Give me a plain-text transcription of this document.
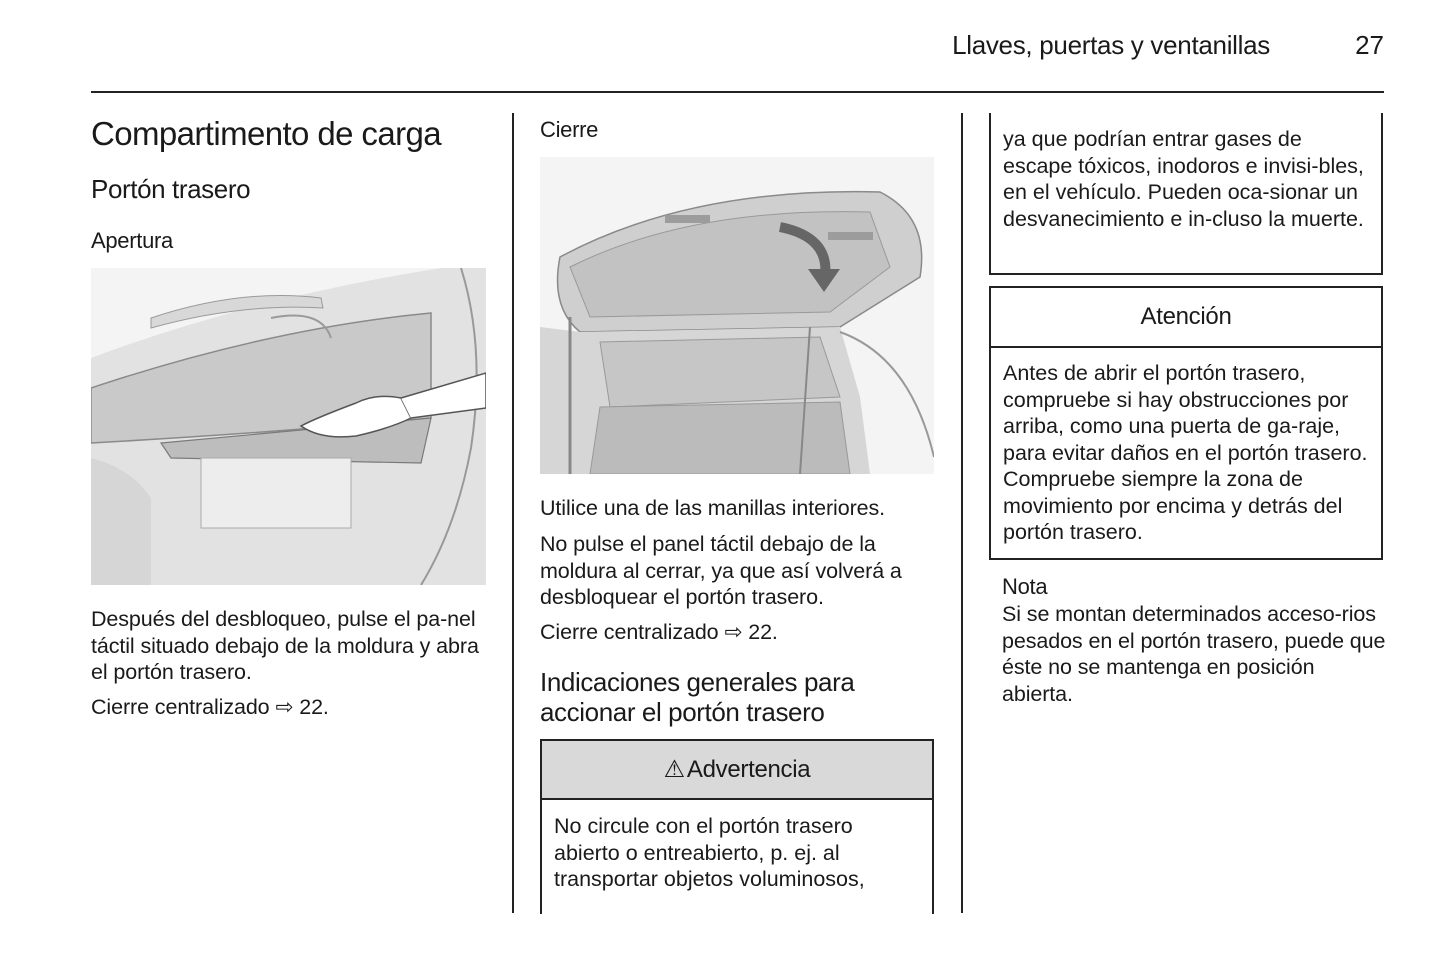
Llaves, puertas y ventanillas	27
Compartimento de carga
Portón trasero
Apertura
Después del desbloqueo, pulse el pa-nel táctil situado debajo de la moldura y abra el portón trasero.
Cierre centralizado ⇨ 22.
Cierre
Utilice una de las manillas interiores.
No pulse el panel táctil debajo de la moldura al cerrar, ya que así volverá a desbloquear el portón trasero.
Cierre centralizado ⇨ 22.
Indicaciones generales para accionar el portón trasero
⚠ Advertencia
No circule con el portón trasero abierto o entreabierto, p. ej. al transportar objetos voluminosos,
ya que podrían entrar gases de escape tóxicos, inodoros e invisi-bles, en el vehículo. Pueden oca-sionar un desvanecimiento e in-cluso la muerte.
Atención
Antes de abrir el portón trasero, compruebe si hay obstrucciones por arriba, como una puerta de ga-raje, para evitar daños en el portón trasero. Compruebe siempre la zona de movimiento por encima y detrás del portón trasero.
Nota
Si se montan determinados acceso-rios pesados en el portón trasero, puede que éste no se mantenga en posición abierta.
